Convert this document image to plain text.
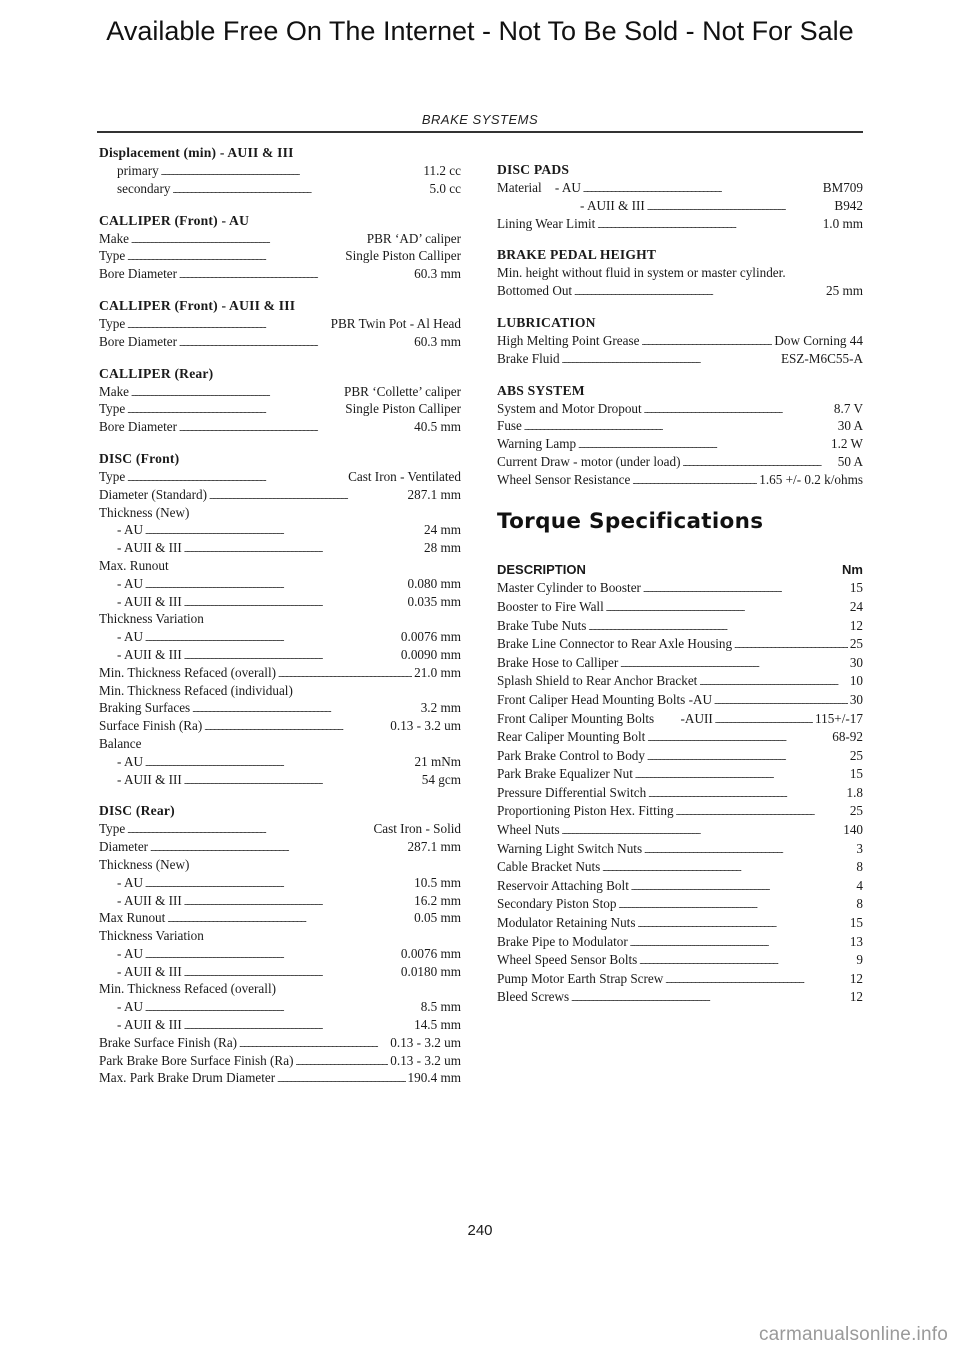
Available Free On The Internet - Not To Be Sold - Not For Sale
BRAKE SYSTEMS
Displacement (min) - AUII & III
primary . . .	11.2 cc
secondary . . .	5.0 cc
CALLIPER (Front) - AU
Make . . .	PBR ‘AD’ caliper
Type . . .	Single Piston Calliper
Bore Diameter . . .	60.3 mm
CALLIPER (Front) - AUII & III
Type . . .	PBR Twin Pot - Al Head
Bore Diameter . . .	60.3 mm
CALLIPER (Rear)
Make . . .	PBR ‘Collette’ caliper
Type . . .	Single Piston Calliper
Bore Diameter . . .	40.5 mm
DISC (Front)
Type . . .	Cast Iron - Ventilated
Diameter (Standard) . . .	287.1 mm
Thickness (New)
- AU . . .	24 mm
- AUII & III . . .	28 mm
Max. Runout
- AU . . .	0.080 mm
- AUII & III . . .	0.035 mm
Thickness Variation
- AU . . .	0.0076 mm
- AUII & III . . .	0.0090 mm
Min. Thickness Refaced (overall) . . .	21.0 mm
Min. Thickness Refaced (individual)
Braking Surfaces . . .	3.2 mm
Surface Finish (Ra) . . .	0.13 - 3.2 um
Balance
- AU . . .	21 mNm
- AUII & III . . .	54 gcm
DISC (Rear)
Type . . .	Cast Iron - Solid
Diameter . . .	287.1 mm
Thickness (New)
- AU . . .	10.5 mm
- AUII & III . . .	16.2 mm
Max Runout . . .	0.05 mm
Thickness Variation
- AU . . .	0.0076 mm
- AUII & III . . .	0.0180 mm
Min. Thickness Refaced (overall)
- AU . . .	8.5 mm
- AUII & III . . .	14.5 mm
Brake Surface Finish (Ra) . . .	0.13 - 3.2 um
Park Brake Bore Surface Finish (Ra) . . .	0.13 - 3.2 um
Max. Park Brake Drum Diameter . . .	190.4 mm
DISC PADS
Material    - AU . . .	BM709
- AUII & III . . .	B942
Lining Wear Limit . . .	1.0 mm
BRAKE PEDAL HEIGHT
Min. height without fluid in system or master cylinder.
Bottomed Out . . .	25 mm
LUBRICATION
High Melting Point Grease . . .	Dow Corning 44
Brake Fluid . . .	ESZ-M6C55-A
ABS SYSTEM
System and Motor Dropout . . .	8.7 V
Fuse . . .	30 A
Warning Lamp . . .	1.2 W
Current Draw - motor (under load) . . .	50 A
Wheel Sensor Resistance . . .	1.65 +/- 0.2 k/ohms
Torque Specifications
DESCRIPTION	Nm
Master Cylinder to Booster . . .	15
Booster to Fire Wall . . .	24
Brake Tube Nuts . . .	12
Brake Line Connector to Rear Axle Housing . . .	25
Brake Hose to Calliper . . .	30
Splash Shield to Rear Anchor Bracket . . .	10
Front Caliper Head Mounting Bolts -AU . . .	30
Front Caliper Mounting Bolts        -AUII . . .	115+/-17
Rear Caliper Mounting Bolt . . .	68-92
Park Brake Control to Body . . .	25
Park Brake Equalizer Nut . . .	15
Pressure Differential Switch . . .	1.8
Proportioning Piston Hex. Fitting . . .	25
Wheel Nuts . . .	140
Warning Light Switch Nuts . . .	3
Cable Bracket Nuts . . .	8
Reservoir Attaching Bolt . . .	4
Secondary Piston Stop . . .	8
Modulator Retaining Nuts . . .	15
Brake Pipe to Modulator . . .	13
Wheel Speed Sensor Bolts . . .	9
Pump Motor Earth Strap Screw . . .	12
Bleed Screws . . .	12
240
carmanualsonline.info
